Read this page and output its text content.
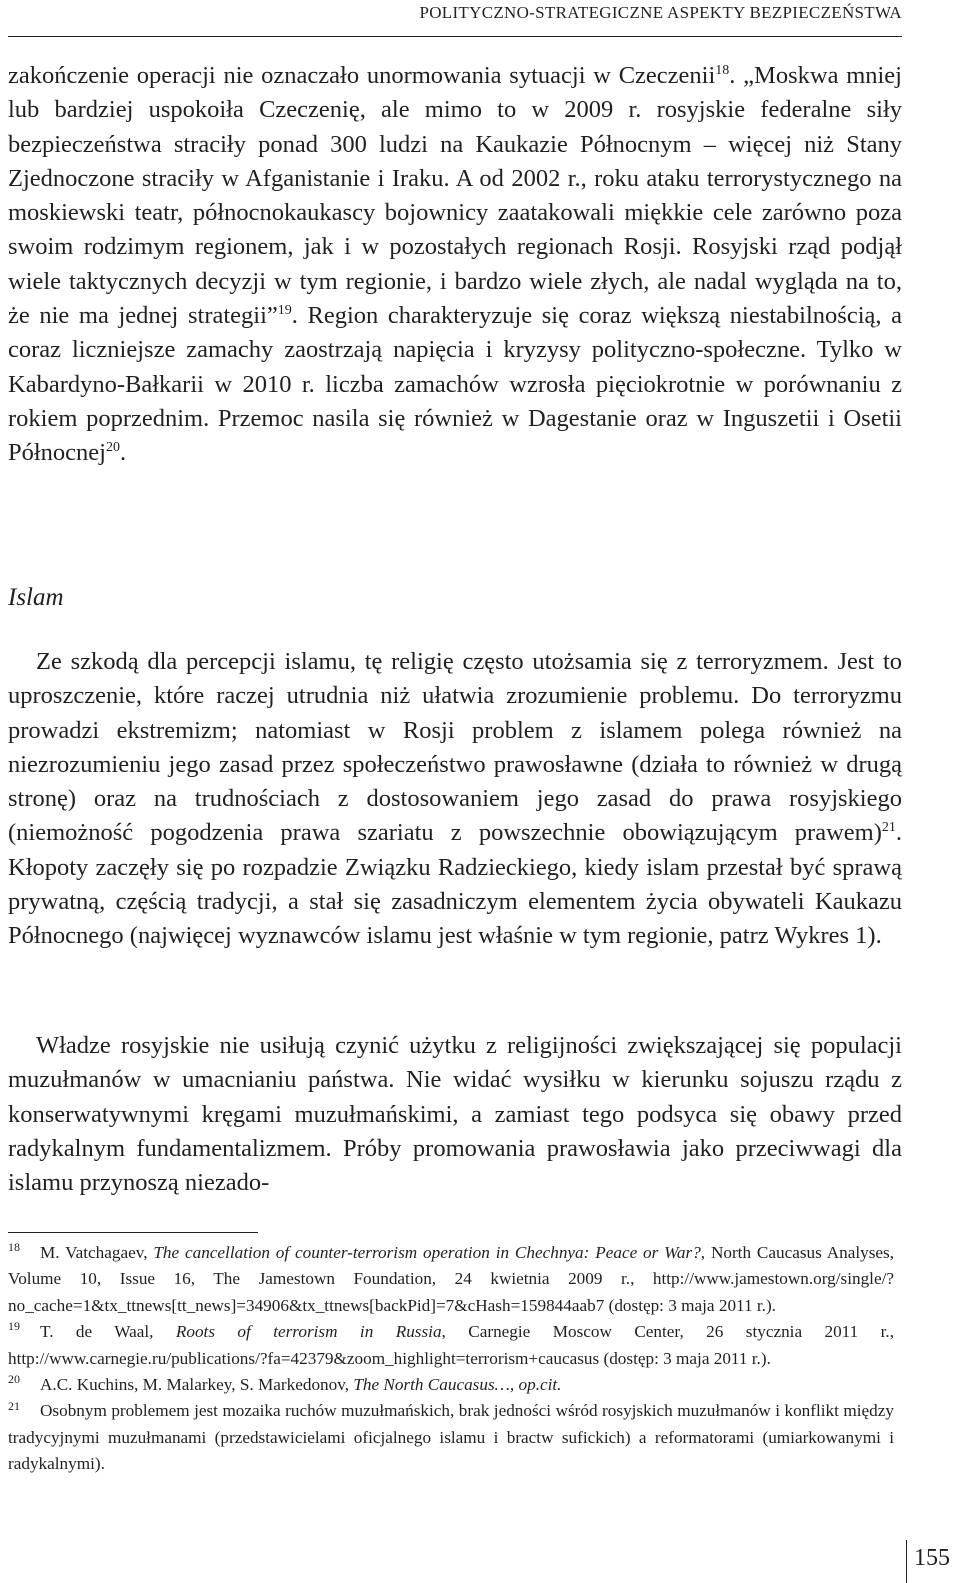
POLITYCZNO-STRATEGICZNE ASPEKTY BEZPIECZEŃSTWA

zakończenie operacji nie oznaczało unormowania sytuacji w Czeczenii$^{18}$. „Moskwa mniej lub bardziej uspokoiła Czeczenię, ale mimo to w 2009 r. rosyjskie federalne siły bezpieczeństwa straciły ponad 300 ludzi na Kaukazie Północnym – więcej niż Stany Zjednoczone straciły w Afganistanie i Iraku. A od 2002 r., roku ataku terrorystycznego na moskiewski teatr, północnokaukascy bojownicy zaatakowali miękkie cele zarówno poza swoim rodzimym regionem, jak i w pozostałych regionach Rosji. Rosyjski rząd podjął wiele taktycznych decyzji w tym regionie, i bardzo wiele złych, ale nadal wygląda na to, że nie ma jednej strategii”$^{19}$. Region charakteryzuje się coraz większą niestabilnością, a coraz liczniejsze zamachy zaostrzają napięcia i kryzysy polityczno-społeczne. Tylko w Kabardyno-Bałkarii w 2010 r. liczba zamachów wzrosła pięciokrotnie w porównaniu z rokiem poprzednim. Przemoc nasila się również w Dagestanie oraz w Inguszetii i Osetii Północnej$^{20}$.

Islam

Ze szkodą dla percepcji islamu, tę religię często utożsamia się z terroryzmem. Jest to uproszczenie, które raczej utrudnia niż ułatwia zrozumienie problemu. Do terroryzmu prowadzi ekstremizm; natomiast w Rosji problem z islamem polega również na niezrozumieniu jego zasad przez społeczeństwo prawosławne (działa to również w drugą stronę) oraz na trudnościach z dostosowaniem jego zasad do prawa rosyjskiego (niemożność pogodzenia prawa szariatu z powszechnie obowiązującym prawem)$^{21}$. Kłopoty zaczęły się po rozpadzie Związku Radzieckiego, kiedy islam przestał być sprawą prywatną, częścią tradycji, a stał się zasadniczym elementem życia obywateli Kaukazu Północnego (najwięcej wyznawców islamu jest właśnie w tym regionie, patrz Wykres 1).

Władze rosyjskie nie usiłują czynić użytku z religijności zwiększającej się populacji muzułmanów w umacnianiu państwa. Nie widać wysiłku w kierunku sojuszu rządu z konserwatywnymi kręgami muzułmańskimi, a zamiast tego podsyca się obawy przed radykalnym fundamentalizmem. Próby promowania prawosławia jako przeciwwagi dla islamu przynoszą niezado-

18 M. Vatchagaev, The cancellation of counter-terrorism operation in Chechnya: Peace or War?, North Caucasus Analyses, Volume 10, Issue 16, The Jamestown Foundation, 24 kwietnia 2009 r., http://www.jamestown.org/single/?no_cache=1&tx_ttnews[tt_news]=34906&tx_ttnews[backPid]=7&cHash=159844aab7 (dostęp: 3 maja 2011 r.).

19 T. de Waal, Roots of terrorism in Russia, Carnegie Moscow Center, 26 stycznia 2011 r., http://www.carnegie.ru/publications/?fa=42379&zoom_highlight=terrorism+caucasus (dostęp: 3 maja 2011 r.).

20 A.C. Kuchins, M. Malarkey, S. Markedonov, The North Caucasus…, op.cit.

21 Osobnym problemem jest mozaika ruchów muzułmańskich, brak jedności wśród rosyjskich muzułmanów i konflikt między tradycyjnymi muzułmanami (przedstawicielami oficjalnego islamu i bractw sufickich) a reformatorami (umiarkowanymi i radykalnymi).

155
